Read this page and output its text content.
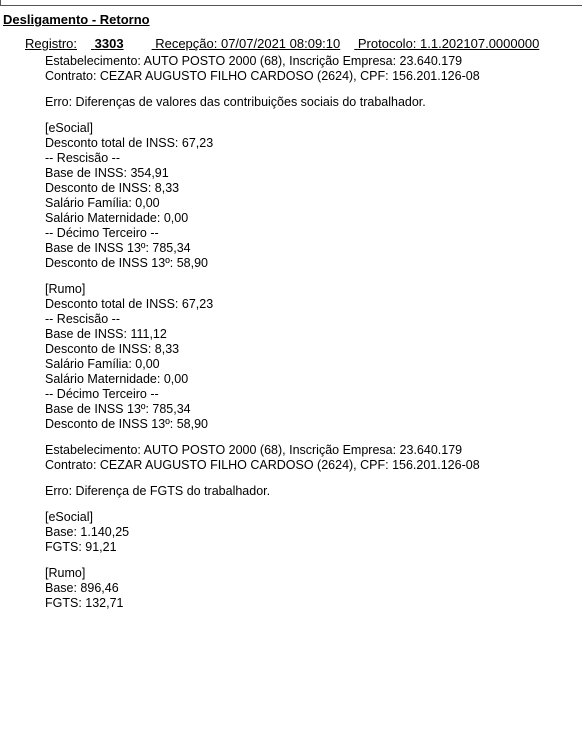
Desligamento - Retorno
Registro: 3303 Recepção: 07/07/2021 08:09:10 Protocolo: 1.1.202107.0000000
Estabelecimento: AUTO POSTO 2000 (68), Inscrição Empresa: 23.640.179
Contrato: CEZAR AUGUSTO FILHO CARDOSO (2624), CPF: 156.201.126-08
Erro: Diferenças de valores das contribuições sociais do trabalhador.
[eSocial]
Desconto total de INSS: 67,23
-- Rescisão --
Base de INSS: 354,91
Desconto de INSS: 8,33
Salário Família: 0,00
Salário Maternidade: 0,00
-- Décimo Terceiro --
Base de INSS 13º: 785,34
Desconto de INSS 13º: 58,90
[Rumo]
Desconto total de INSS: 67,23
-- Rescisão --
Base de INSS: 111,12
Desconto de INSS: 8,33
Salário Família: 0,00
Salário Maternidade: 0,00
-- Décimo Terceiro --
Base de INSS 13º: 785,34
Desconto de INSS 13º: 58,90
Estabelecimento: AUTO POSTO 2000 (68), Inscrição Empresa: 23.640.179
Contrato: CEZAR AUGUSTO FILHO CARDOSO (2624), CPF: 156.201.126-08
Erro: Diferença de FGTS do trabalhador.
[eSocial]
Base: 1.140,25
FGTS: 91,21
[Rumo]
Base: 896,46
FGTS: 132,71
